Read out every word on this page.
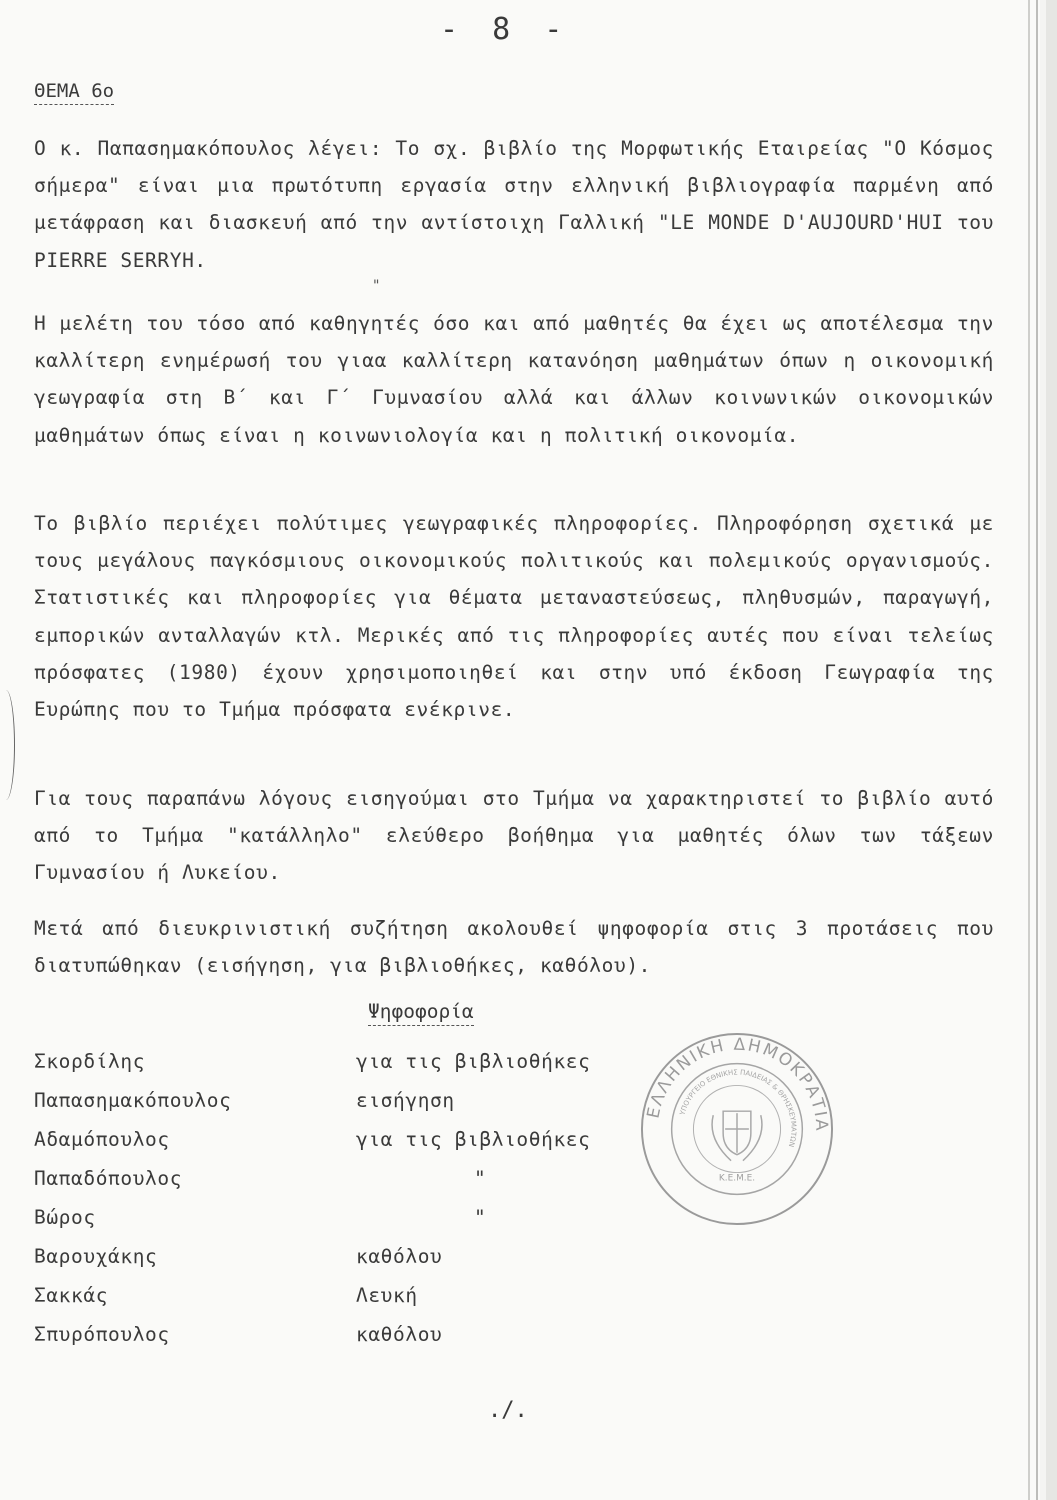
- 8 -
ΘΕΜΑ 6ο

Ο κ. Παπασημακόπουλος λέγει: Το σχ. βιβλίο της Μορφωτικής Εταιρείας "Ο Κόσμος σήμερα" είναι μια πρωτότυπη εργασία στην ελληνική βιβλιογραφία παρμένη από μετάφραση και διασκευή από την αντίστοιχη Γαλλική "LE MONDE D'AUJOURD'HUI του PIERRE SERRYH.

"

Η μελέτη του τόσο από καθηγητές όσο και από μαθητές θα έχει ως αποτέλεσμα την καλλίτερη ενημέρωσή του γιαα καλλίτερη κατανόηση μαθημάτων όπων η οικονομική γεωγραφία στη Β΄ και Γ΄ Γυμνασίου αλλά και άλλων κοινωνικών οικονομικών μαθημάτων όπως είναι η κοινωνιολογία και η πολιτική οικονομία.

Το βιβλίο περιέχει πολύτιμες γεωγραφικές πληροφορίες. Πληροφόρηση σχετικά με τους μεγάλους παγκόσμιους οικονομικούς πολιτικούς και πολεμικούς οργανισμούς. Στατιστικές και πληροφορίες για θέματα μεταναστεύσεως, πληθυσμών, παραγωγή, εμπορικών ανταλλαγών κτλ. Μερικές από τις πληροφορίες αυτές που είναι τελείως πρόσφατες (1980) έχουν χρησιμοποιηθεί και στην υπό έκδοση Γεωγραφία της Ευρώπης που το Τμήμα πρόσφατα ενέκρινε.

Για τους παραπάνω λόγους εισηγούμαι στο Τμήμα να χαρακτηριστεί το βιβλίο αυτό από το Τμήμα "κατάλληλο" ελεύθερο βοήθημα για μαθητές όλων των τάξεων Γυμνασίου ή Λυκείου.

Μετά από διευκρινιστική συζήτηση ακολουθεί ψηφοφορία στις 3 προτάσεις που διατυπώθηκαν (εισήγηση, για βιβλιοθήκες, καθόλου).

Ψηφοφορία
Σκορδίλης	για τις βιβλιοθήκες
Παπασημακόπουλος	εισήγηση
Αδαμόπουλος	για τις βιβλιοθήκες
Παπαδόπουλος	"
Βώρος	"
Βαρουχάκης	καθόλου
Σακκάς	Λευκή
Σπυρόπουλος	καθόλου
ΕΛΛΗΝΙΚΗ ΔΗΜΟΚΡΑΤΙΑ
ΥΠΟΥΡΓΕΙΟ ΕΘΝΙΚΗΣ ΠΑΙΔΕΙΑΣ & ΘΡΗΣΚΕΥΜΑΤΩΝ
Κ.Ε.Μ.Ε.
./.
